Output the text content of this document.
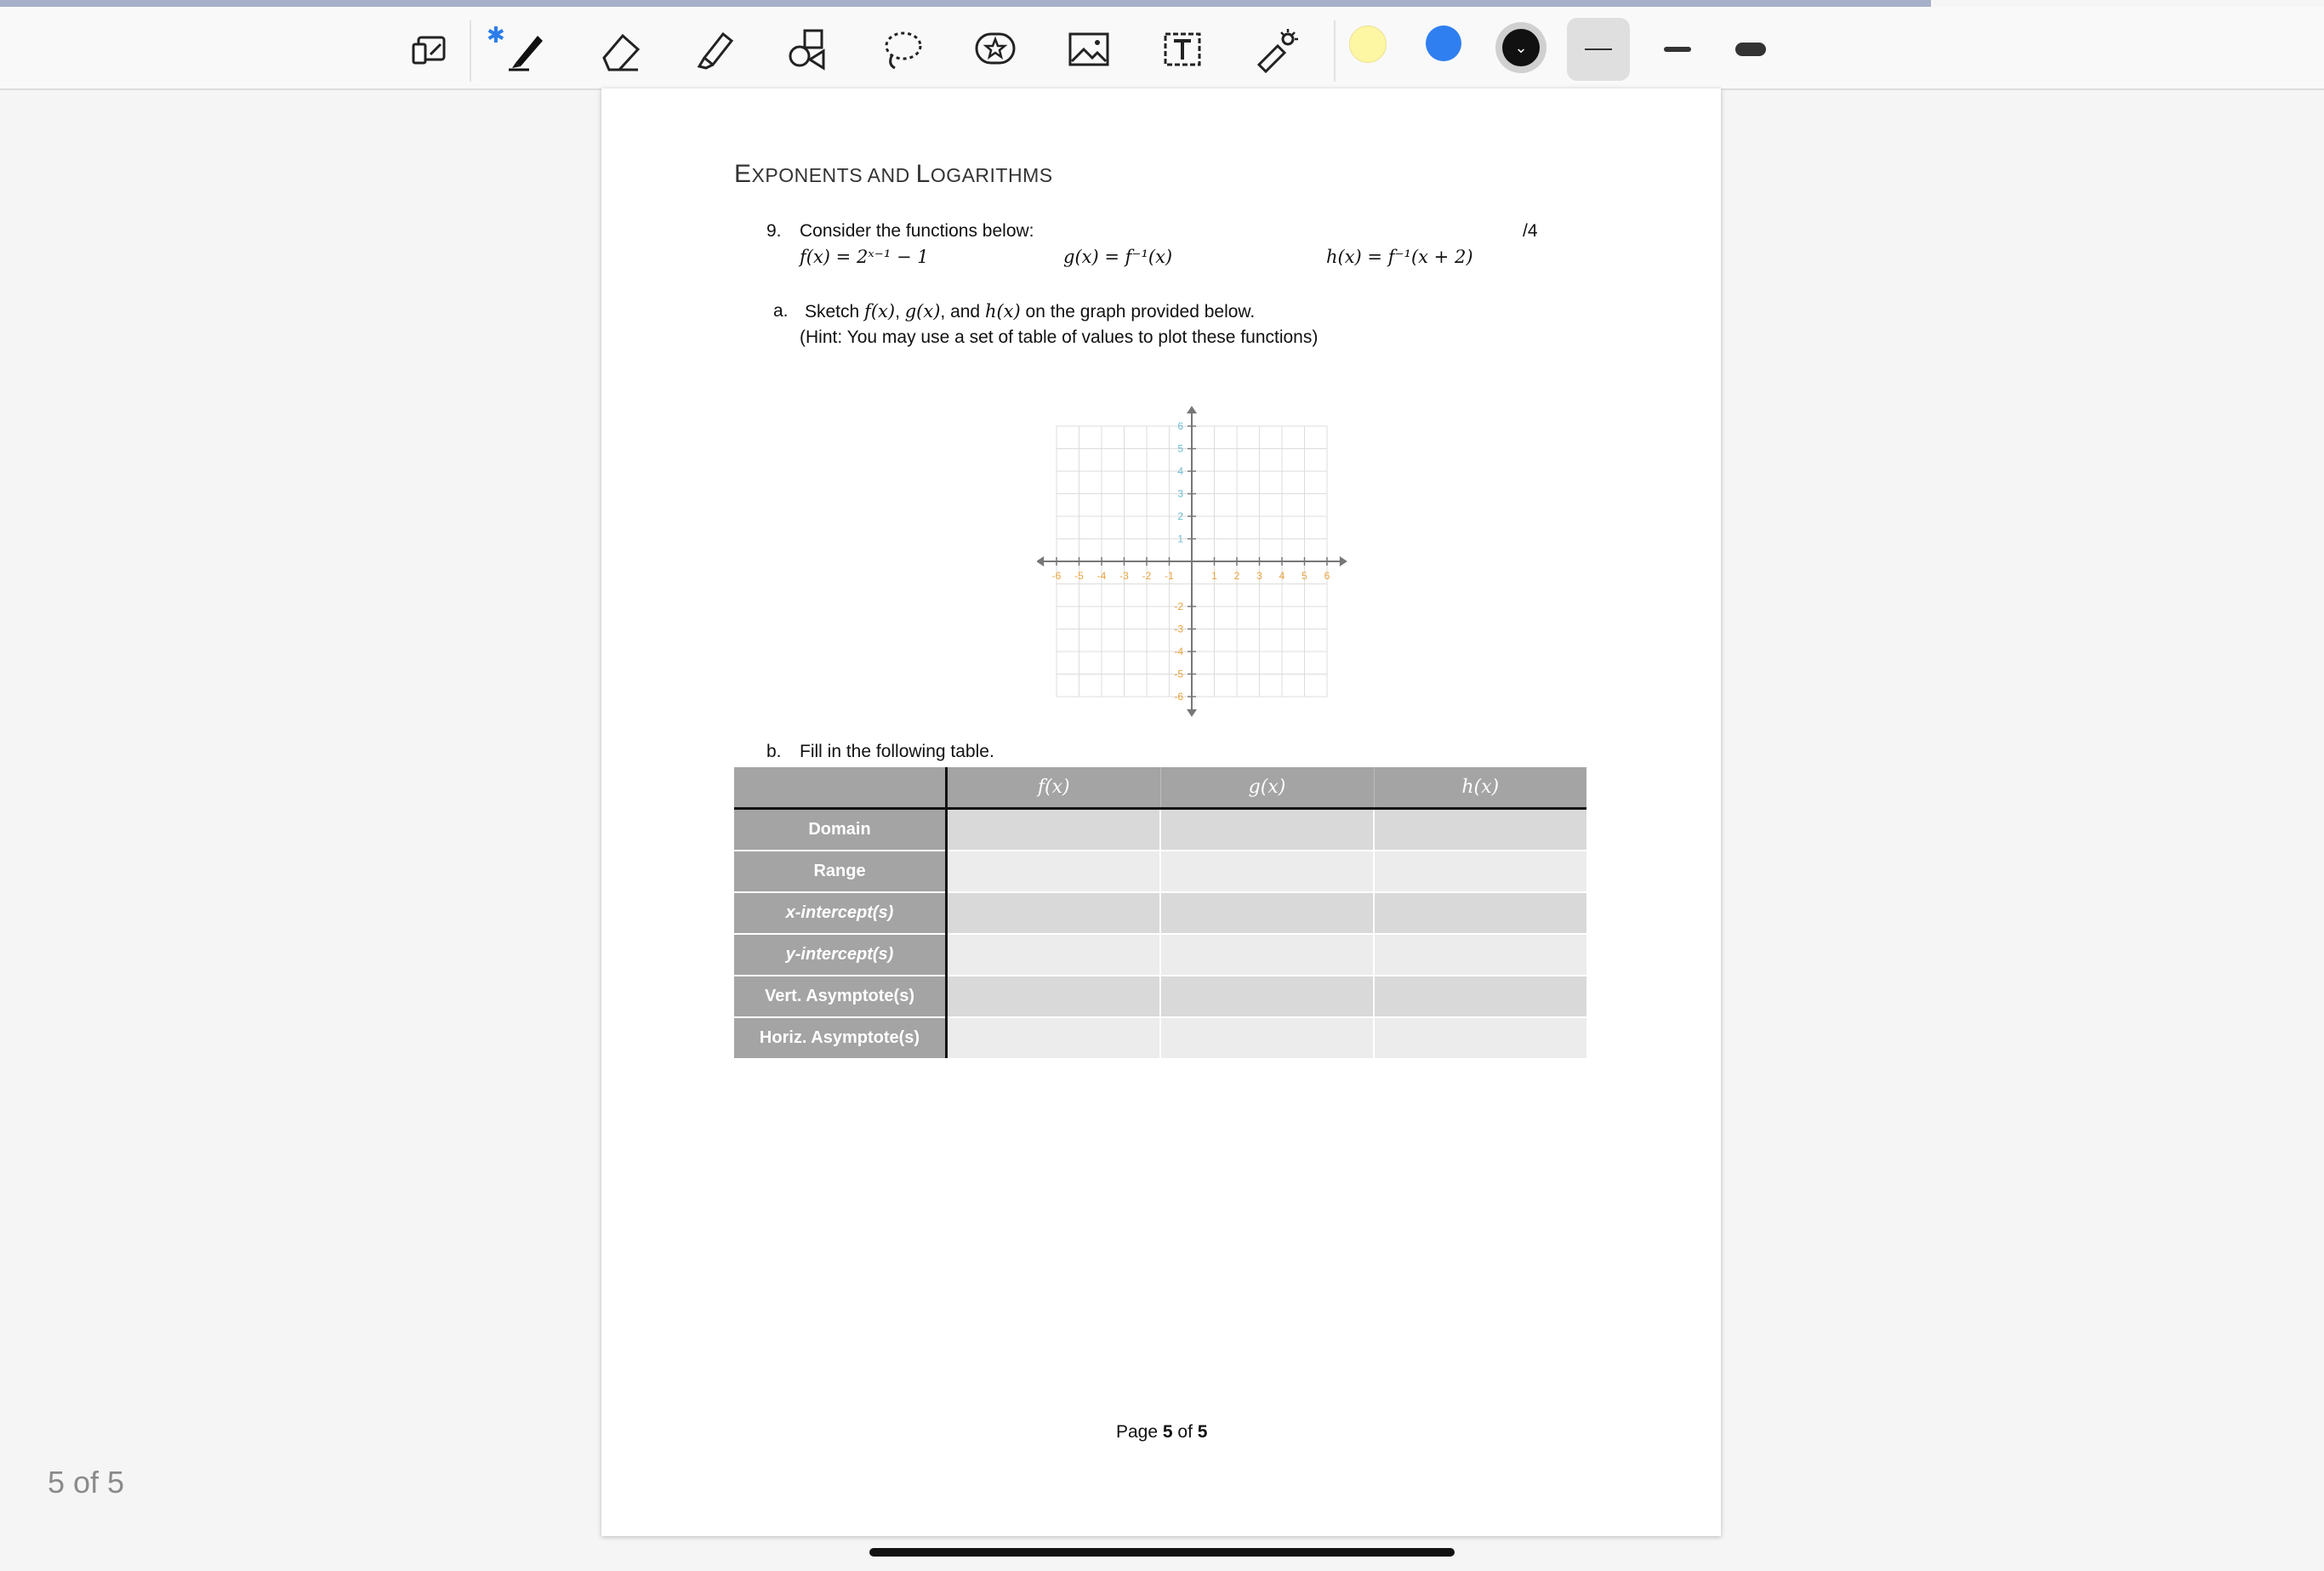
✱	⌄
5 of 5
EXPONENTS AND LOGARITHMS
9. Consider the functions below:	/4
f(x) = 2ˣ⁻¹ − 1	g(x) = f⁻¹(x)	h(x) = f⁻¹(x + 2)
a. Sketch f(x), g(x), and h(x) on the graph provided below.
(Hint: You may use a set of table of values to plot these functions)
-6 -5 -4 -3 -2 -1	1 2 3 4 5 6
6
5
4
3
2
1
-2
-3
-4
-5
-6
b. Fill in the following table.
	f(x)	g(x)	h(x)
Domain			
Range			
x-intercept(s)			
y-intercept(s)			
Vert. Asymptote(s)			
Horiz. Asymptote(s)			
Page 5 of 5
